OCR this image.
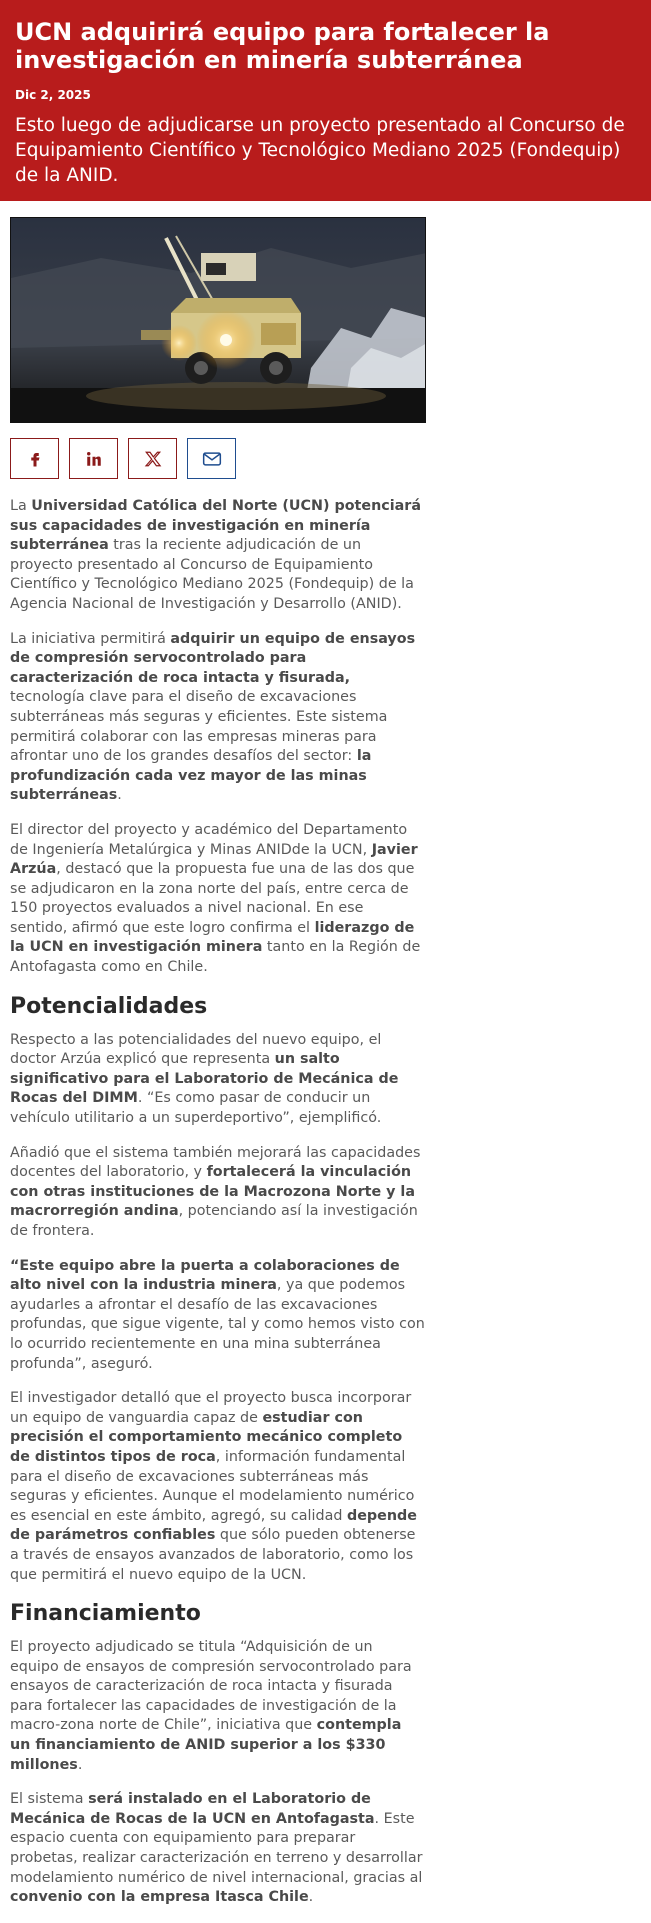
UCN adquirirá equipo para fortalecer la investigación en minería subterránea
Dic 2, 2025
Esto luego de adjudicarse un proyecto presentado al Concurso de Equipamiento Científico y Tecnológico Mediano 2025 (Fondequip) de la ANID.

La Universidad Católica del Norte (UCN) potenciará sus capacidades de investigación en minería subterránea tras la reciente adjudicación de un proyecto presentado al Concurso de Equipamiento Científico y Tecnológico Mediano 2025 (Fondequip) de la Agencia Nacional de Investigación y Desarrollo (ANID).

La iniciativa permitirá adquirir un equipo de ensayos de compresión servocontrolado para caracterización de roca intacta y fisurada, tecnología clave para el diseño de excavaciones subterráneas más seguras y eficientes. Este sistema permitirá colaborar con las empresas mineras para afrontar uno de los grandes desafíos del sector: la profundización cada vez mayor de las minas subterráneas.

El director del proyecto y académico del Departamento de Ingeniería Metalúrgica y Minas ANIDde la UCN, Javier Arzúa, destacó que la propuesta fue una de las dos que se adjudicaron en la zona norte del país, entre cerca de 150 proyectos evaluados a nivel nacional. En ese sentido, afirmó que este logro confirma el liderazgo de la UCN en investigación minera tanto en la Región de Antofagasta como en Chile.

Potencialidades

Respecto a las potencialidades del nuevo equipo, el doctor Arzúa explicó que representa un salto significativo para el Laboratorio de Mecánica de Rocas del DIMM. “Es como pasar de conducir un vehículo utilitario a un superdeportivo”, ejemplificó.

Añadió que el sistema también mejorará las capacidades docentes del laboratorio, y fortalecerá la vinculación con otras instituciones de la Macrozona Norte y la macrorregión andina, potenciando así la investigación de frontera.

“Este equipo abre la puerta a colaboraciones de alto nivel con la industria minera, ya que podemos ayudarles a afrontar el desafío de las excavaciones profundas, que sigue vigente, tal y como hemos visto con lo ocurrido recientemente en una mina subterránea profunda”, aseguró.

El investigador detalló que el proyecto busca incorporar un equipo de vanguardia capaz de estudiar con precisión el comportamiento mecánico completo de distintos tipos de roca, información fundamental para el diseño de excavaciones subterráneas más seguras y eficientes. Aunque el modelamiento numérico es esencial en este ámbito, agregó, su calidad depende de parámetros confiables que sólo pueden obtenerse a través de ensayos avanzados de laboratorio, como los que permitirá el nuevo equipo de la UCN.

Financiamiento

El proyecto adjudicado se titula “Adquisición de un equipo de ensayos de compresión servocontrolado para ensayos de caracterización de roca intacta y fisurada para fortalecer las capacidades de investigación de la macro-zona norte de Chile”, iniciativa que contempla un financiamiento de ANID superior a los $330 millones.

El sistema será instalado en el Laboratorio de Mecánica de Rocas de la UCN en Antofagasta. Este espacio cuenta con equipamiento para preparar probetas, realizar caracterización en terreno y desarrollar modelamiento numérico de nivel internacional, gracias al convenio con la empresa Itasca Chile.
